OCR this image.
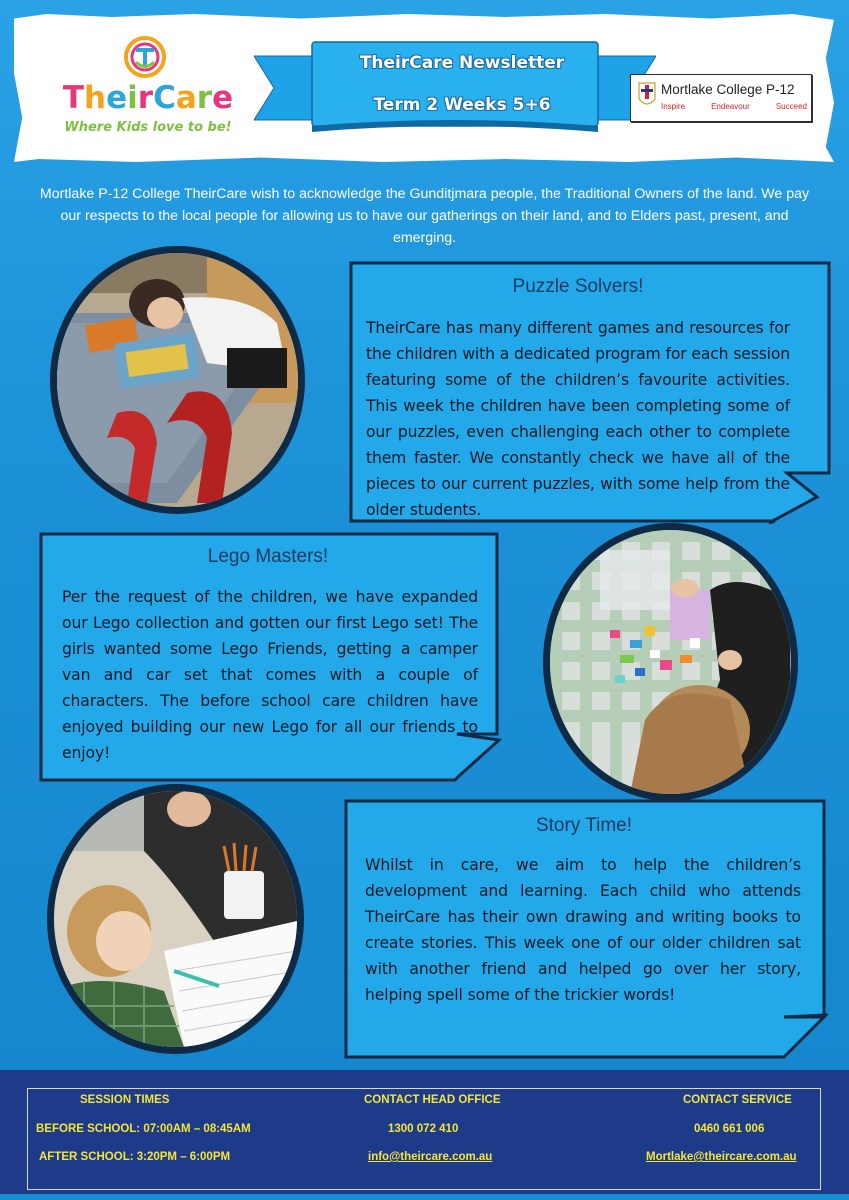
TheirCare
Where Kids love to be!
TheirCare Newsletter
Term 2 Weeks 5+6
Mortlake College P-12
Inspire	Endeavour	Succeed
Mortlake P-12 College TheirCare wish to acknowledge the Gunditjmara people, the Traditional Owners of the land. We pay our respects to the local people for allowing us to have our gatherings on their land, and to Elders past, present, and emerging.
Puzzle Solvers!
TheirCare has many different games and resources for the children with a dedicated program for each session featuring some of the children’s favourite activities. This week the children have been completing some of our puzzles, even challenging each other to complete them faster. We constantly check we have all of the pieces to our current puzzles, with some help from the older students.
Lego Masters!
Per the request of the children, we have expanded our Lego collection and gotten our first Lego set! The girls wanted some Lego Friends, getting a camper van and car set that comes with a couple of characters. The before school care children have enjoyed building our new Lego for all our friends to enjoy!
Story Time!
Whilst in care, we aim to help the children’s development and learning. Each child who attends TheirCare has their own drawing and writing books to create stories. This week one of our older children sat with another friend and helped go over her story, helping spell some of the trickier words!
SESSION TIMES
BEFORE SCHOOL: 07:00AM – 08:45AM
AFTER SCHOOL: 3:20PM – 6:00PM
CONTACT HEAD OFFICE
1300 072 410
info@theircare.com.au
CONTACT SERVICE
0460 661 006
Mortlake@theircare.com.au
